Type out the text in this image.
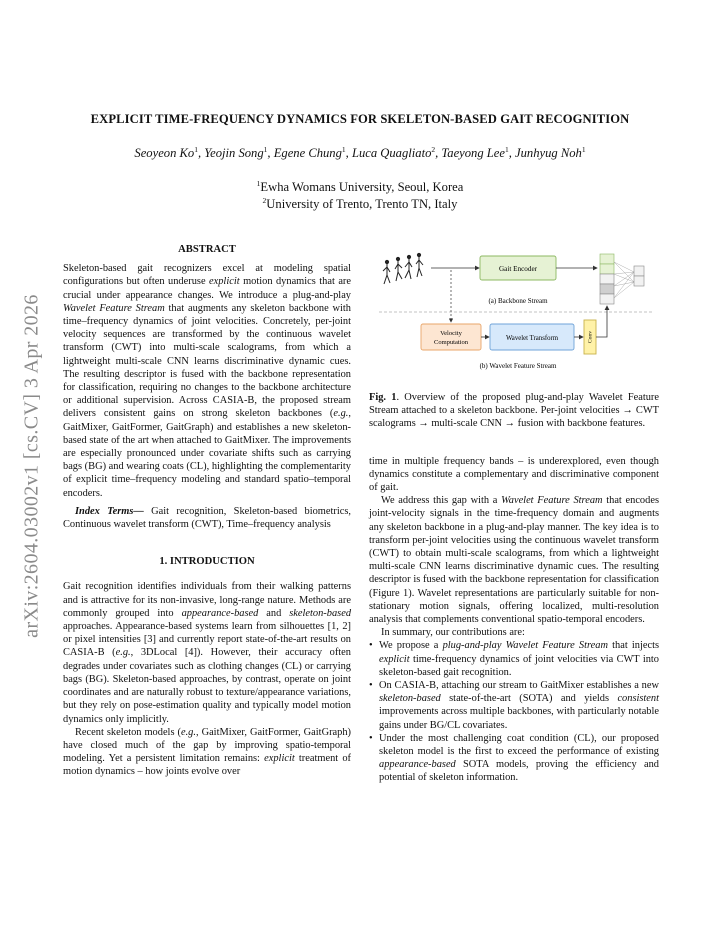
arXiv:2604.03002v1 [cs.CV] 3 Apr 2026
EXPLICIT TIME-FREQUENCY DYNAMICS FOR SKELETON-BASED GAIT RECOGNITION
Seoyeon Ko$^1$, Yeojin Song$^1$, Egene Chung$^1$, Luca Quagliato$^2$, Taeyong Lee$^1$, Junhyug Noh$^1$
$^1$Ewha Womans University, Seoul, Korea
$^2$University of Trento, Trento TN, Italy
ABSTRACT

Skeleton-based gait recognizers excel at modeling spatial configurations but often underuse explicit motion dynamics that are crucial under appearance changes. We introduce a plug-and-play Wavelet Feature Stream that augments any skeleton backbone with time–frequency dynamics of joint velocities. Concretely, per-joint velocity sequences are transformed by the continuous wavelet transform (CWT) into multi-scale scalograms, from which a lightweight multi-scale CNN learns discriminative dynamic cues. The resulting descriptor is fused with the backbone representation for classification, requiring no changes to the backbone architecture or additional supervision. Across CASIA-B, the proposed stream delivers consistent gains on strong skeleton backbones (e.g., GaitMixer, GaitFormer, GaitGraph) and establishes a new skeleton-based state of the art when attached to GaitMixer. The improvements are especially pronounced under covariate shifts such as carrying bags (BG) and wearing coats (CL), highlighting the complementarity of explicit time–frequency modeling and standard spatio–temporal encoders.

Index Terms— Gait recognition, Skeleton-based biometrics, Continuous wavelet transform (CWT), Time–frequency analysis

1. INTRODUCTION

Gait recognition identifies individuals from their walking patterns and is attractive for its non-invasive, long-range nature. Methods are commonly grouped into appearance-based and skeleton-based approaches. Appearance-based systems learn from silhouettes [1, 2] or pixel intensities [3] and currently report state-of-the-art results on CASIA-B (e.g., 3DLocal [4]). However, their accuracy often degrades under covariates such as clothing changes (CL) or carrying bags (BG). Skeleton-based approaches, by contrast, operate on joint coordinates and are naturally robust to texture/appearance variations, but they rely on pose-estimation quality and typically model motion dynamics only implicitly.

Recent skeleton models (e.g., GaitMixer, GaitFormer, GaitGraph) have closed much of the gap by improving spatio-temporal modeling. Yet a persistent limitation remains: explicit treatment of motion dynamics – how joints evolve over

Gait Encoder
(a) Backbone Stream
Velocity
Computation
Wavelet Transform	Conv
(b) Wavelet Feature Stream

Fig. 1. Overview of the proposed plug-and-play Wavelet Feature Stream attached to a skeleton backbone. Per-joint velocities → CWT scalograms → multi-scale CNN → fusion with backbone features.

time in multiple frequency bands – is underexplored, even though dynamics constitute a complementary and discriminative component of gait.

We address this gap with a Wavelet Feature Stream that encodes joint-velocity signals in the time-frequency domain and augments any skeleton backbone in a plug-and-play manner. The key idea is to transform per-joint velocities using the continuous wavelet transform (CWT) to obtain multi-scale scalograms, from which a lightweight multi-scale CNN learns discriminative dynamic cues. The resulting descriptor is fused with the backbone representation for classification (Figure 1). Wavelet representations are particularly suitable for non-stationary motion signals, offering localized, multi-resolution analysis that complements conventional spatio-temporal encoders.

In summary, our contributions are:

• We propose a plug-and-play Wavelet Feature Stream that injects explicit time-frequency dynamics of joint velocities via CWT into skeleton-based gait recognition.
• On CASIA-B, attaching our stream to GaitMixer establishes a new skeleton-based state-of-the-art (SOTA) and yields consistent improvements across multiple backbones, with particularly notable gains under BG/CL covariates.
• Under the most challenging coat condition (CL), our proposed skeleton model is the first to exceed the performance of existing appearance-based SOTA models, proving the efficiency and potential of skeleton information.
